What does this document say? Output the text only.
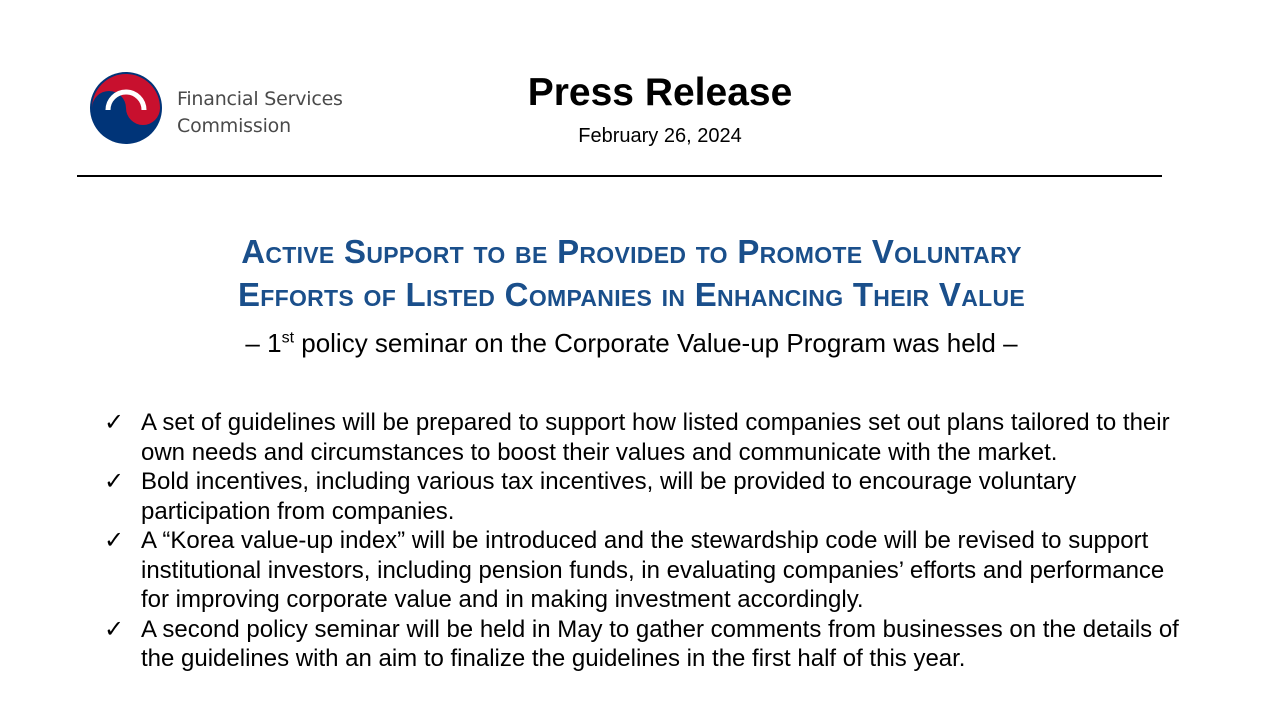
Financial Services
Commission
Press Release
February 26, 2024
Active Support to be Provided to Promote Voluntary
Efforts of Listed Companies in Enhancing Their Value
– 1st policy seminar on the Corporate Value-up Program was held –
✓ A set of guidelines will be prepared to support how listed companies set out plans tailored to their own needs and circumstances to boost their values and communicate with the market.
✓ Bold incentives, including various tax incentives, will be provided to encourage voluntary participation from companies.
✓ A “Korea value-up index” will be introduced and the stewardship code will be revised to support institutional investors, including pension funds, in evaluating companies’ efforts and performance for improving corporate value and in making investment accordingly.
✓ A second policy seminar will be held in May to gather comments from businesses on the details of the guidelines with an aim to finalize the guidelines in the first half of this year.
